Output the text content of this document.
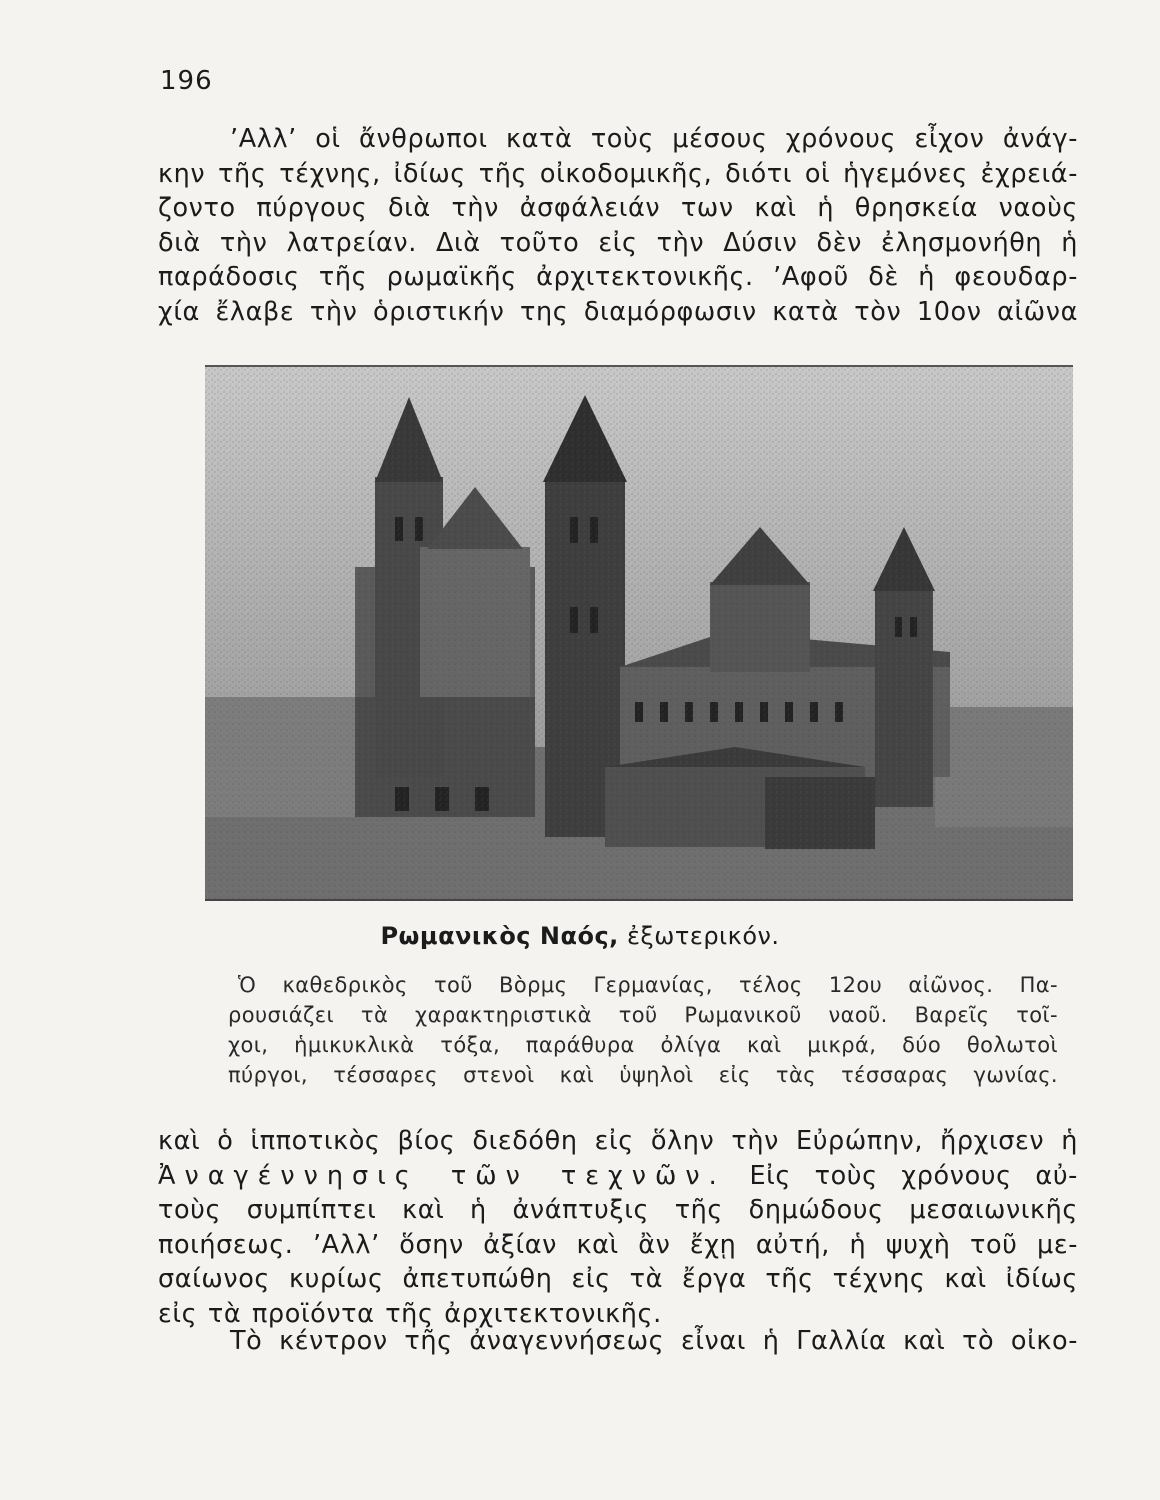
196
’Αλλ’ οἱ ἄνθρωποι κατὰ τοὺς μέσους χρόνους εἶχον ἀνάγ-
κην τῆς τέχνης, ἰδίως τῆς οἰκοδομικῆς, διότι οἱ ἡγεμόνες ἐχρειά-
ζοντο πύργους διὰ τὴν ἀσφάλειάν των καὶ ἡ θρησκεία ναοὺς
διὰ τὴν λατρείαν. Διὰ τοῦτο εἰς τὴν Δύσιν δὲν ἐλησμονήθη ἡ
παράδοσις τῆς ρωμαϊκῆς ἀρχιτεκτονικῆς. ’Αφοῦ δὲ ἡ φεουδαρ-
χία ἔλαβε τὴν ὁριστικήν της διαμόρφωσιν κατὰ τὸν 10ον αἰῶνα
Ρωμανικὸς Ναός, ἐξωτερικόν.
Ὁ καθεδρικὸς τοῦ Βὸρμς Γερμανίας, τέλος 12ου αἰῶνος. Πα-
ρουσιάζει τὰ χαρακτηριστικὰ τοῦ Ρωμανικοῦ ναοῦ. Βαρεῖς τοῖ-
χοι, ἡμικυκλικὰ τόξα, παράθυρα ὀλίγα καὶ μικρά, δύο θολωτοὶ
πύργοι, τέσσαρες στενοὶ καὶ ὑψηλοὶ εἰς τὰς τέσσαρας γωνίας.
καὶ ὁ ἱπποτικὸς βίος διεδόθη εἰς ὅλην τὴν Εὐρώπην, ἤρχισεν ἡ
Ἀναγέννησις τῶν τεχνῶν. Εἰς τοὺς χρόνους αὐ-
τοὺς συμπίπτει καὶ ἡ ἀνάπτυξις τῆς δημώδους μεσαιωνικῆς
ποιήσεως. ’Αλλ’ ὅσην ἀξίαν καὶ ἂν ἔχῃ αὐτή, ἡ ψυχὴ τοῦ με-
σαίωνος κυρίως ἀπετυπώθη εἰς τὰ ἔργα τῆς τέχνης καὶ ἰδίως
εἰς τὰ προϊόντα τῆς ἀρχιτεκτονικῆς.
Τὸ κέντρον τῆς ἀναγεννήσεως εἶναι ἡ Γαλλία καὶ τὸ οἰκο-
